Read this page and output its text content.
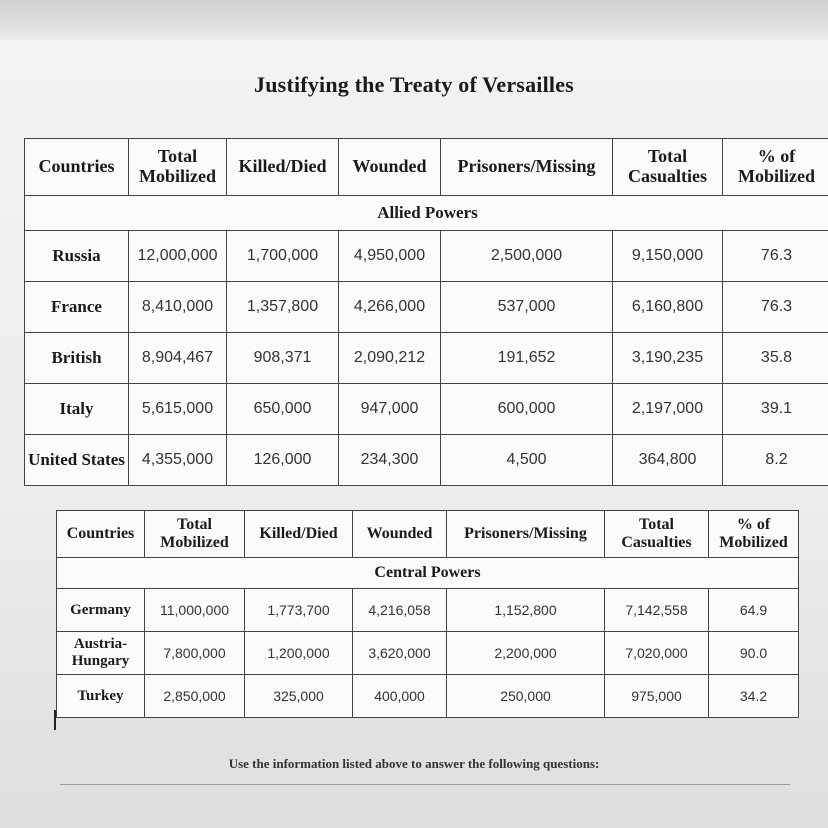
Justifying the Treaty of Versailles
Countries	Total Mobilized	Killed/Died	Wounded	Prisoners/Missing	Total Casualties	% of Mobilized
Allied Powers						
Russia	12,000,000	1,700,000	4,950,000	2,500,000	9,150,000	76.3
France	8,410,000	1,357,800	4,266,000	537,000	6,160,800	76.3
British	8,904,467	908,371	2,090,212	191,652	3,190,235	35.8
Italy	5,615,000	650,000	947,000	600,000	2,197,000	39.1
United States	4,355,000	126,000	234,300	4,500	364,800	8.2
Countries	Total Mobilized	Killed/Died	Wounded	Prisoners/Missing	Total Casualties	% of Mobilized
Central Powers						
Germany	11,000,000	1,773,700	4,216,058	1,152,800	7,142,558	64.9
Austria-Hungary	7,800,000	1,200,000	3,620,000	2,200,000	7,020,000	90.0
Turkey	2,850,000	325,000	400,000	250,000	975,000	34.2
Use the information listed above to answer the following questions:
